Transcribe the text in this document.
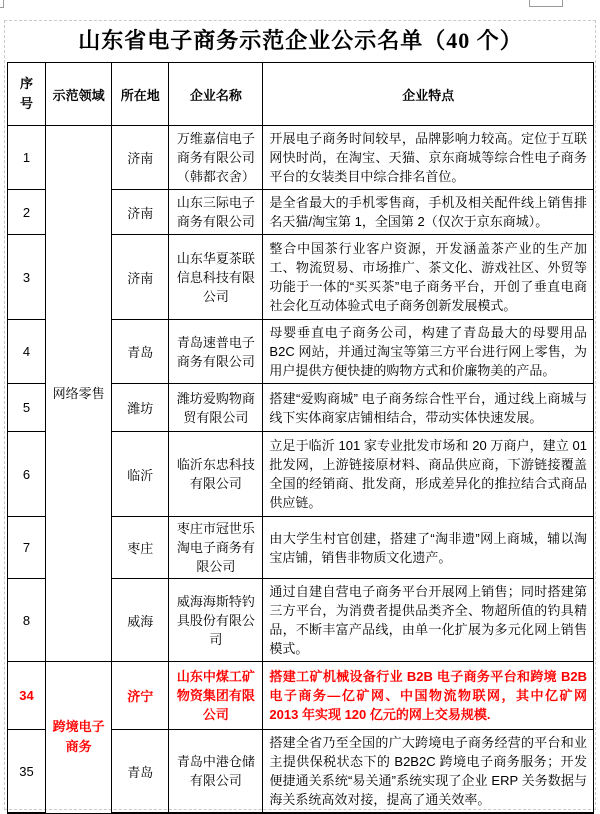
山东省电子商务示范企业公示名单（40 个）
序号	示范领域	所在地	企业名称	企业特点
1	网络零售	济南	万维嘉信电子商务有限公司（韩都衣舍）	开展电子商务时间较早，品牌影响力较高。定位于互联网快时尚，在淘宝、天猫、京东商城等综合性电子商务平台的女装类目中综合排名首位。
2		济南	山东三际电子商务有限公司	是全省最大的手机零售商，手机及相关配件线上销售排名天猫/淘宝第 1，全国第 2（仅次于京东商城）。
3		济南	山东华夏茶联信息科技有限公司	整合中国茶行业客户资源，开发涵盖茶产业的生产加工、物流贸易、市场推广、茶文化、游戏社区、外贸等功能于一体的“买买茶”电子商务平台，开创了垂直电商社会化互动体验式电子商务创新发展模式。
4		青岛	青岛速普电子商务有限公司	母婴垂直电子商务公司，构建了青岛最大的母婴用品 B2C 网站，并通过淘宝等第三方平台进行网上零售，为用户提供方便快捷的购物方式和价廉物美的产品。
5		潍坊	潍坊爱购物商贸有限公司	搭建“爱购商城” 电子商务综合性平台，通过线上商城与线下实体商家店铺相结合，带动实体快速发展。
6		临沂	临沂东忠科技有限公司	立足于临沂 101 家专业批发市场和 20 万商户，建立 01 批发网，上游链接原材料、商品供应商，下游链接覆盖全国的经销商、批发商，形成差异化的推拉结合式商品供应链。
7		枣庄	枣庄市冠世乐淘电子商务有限公司	由大学生村官创建，搭建了“淘非遗”网上商城，辅以淘宝店铺，销售非物质文化遗产。
8		威海	威海海斯特钓具股份有限公司	通过自建自营电子商务平台开展网上销售；同时搭建第三方平台，为消费者提供品类齐全、物超所值的钓具精品，不断丰富产品线，由单一化扩展为多元化网上销售模式。
34	跨境电子商务	济宁	山东中煤工矿物资集团有限公司	搭建工矿机械设备行业 B2B 电子商务平台和跨境 B2B 电子商务—亿矿网、中国物流物联网，其中亿矿网 2013 年实现 120 亿元的网上交易规模.
35		青岛	青岛中港仓储有限公司	搭建全省乃至全国的广大跨境电子商务经营的平台和业主提供保税状态下的 B2B2C 跨境电子商务服务；开发便捷通关系统“易关通”系统实现了企业 ERP 关务数据与海关系统高效对接，提高了通关效率。
